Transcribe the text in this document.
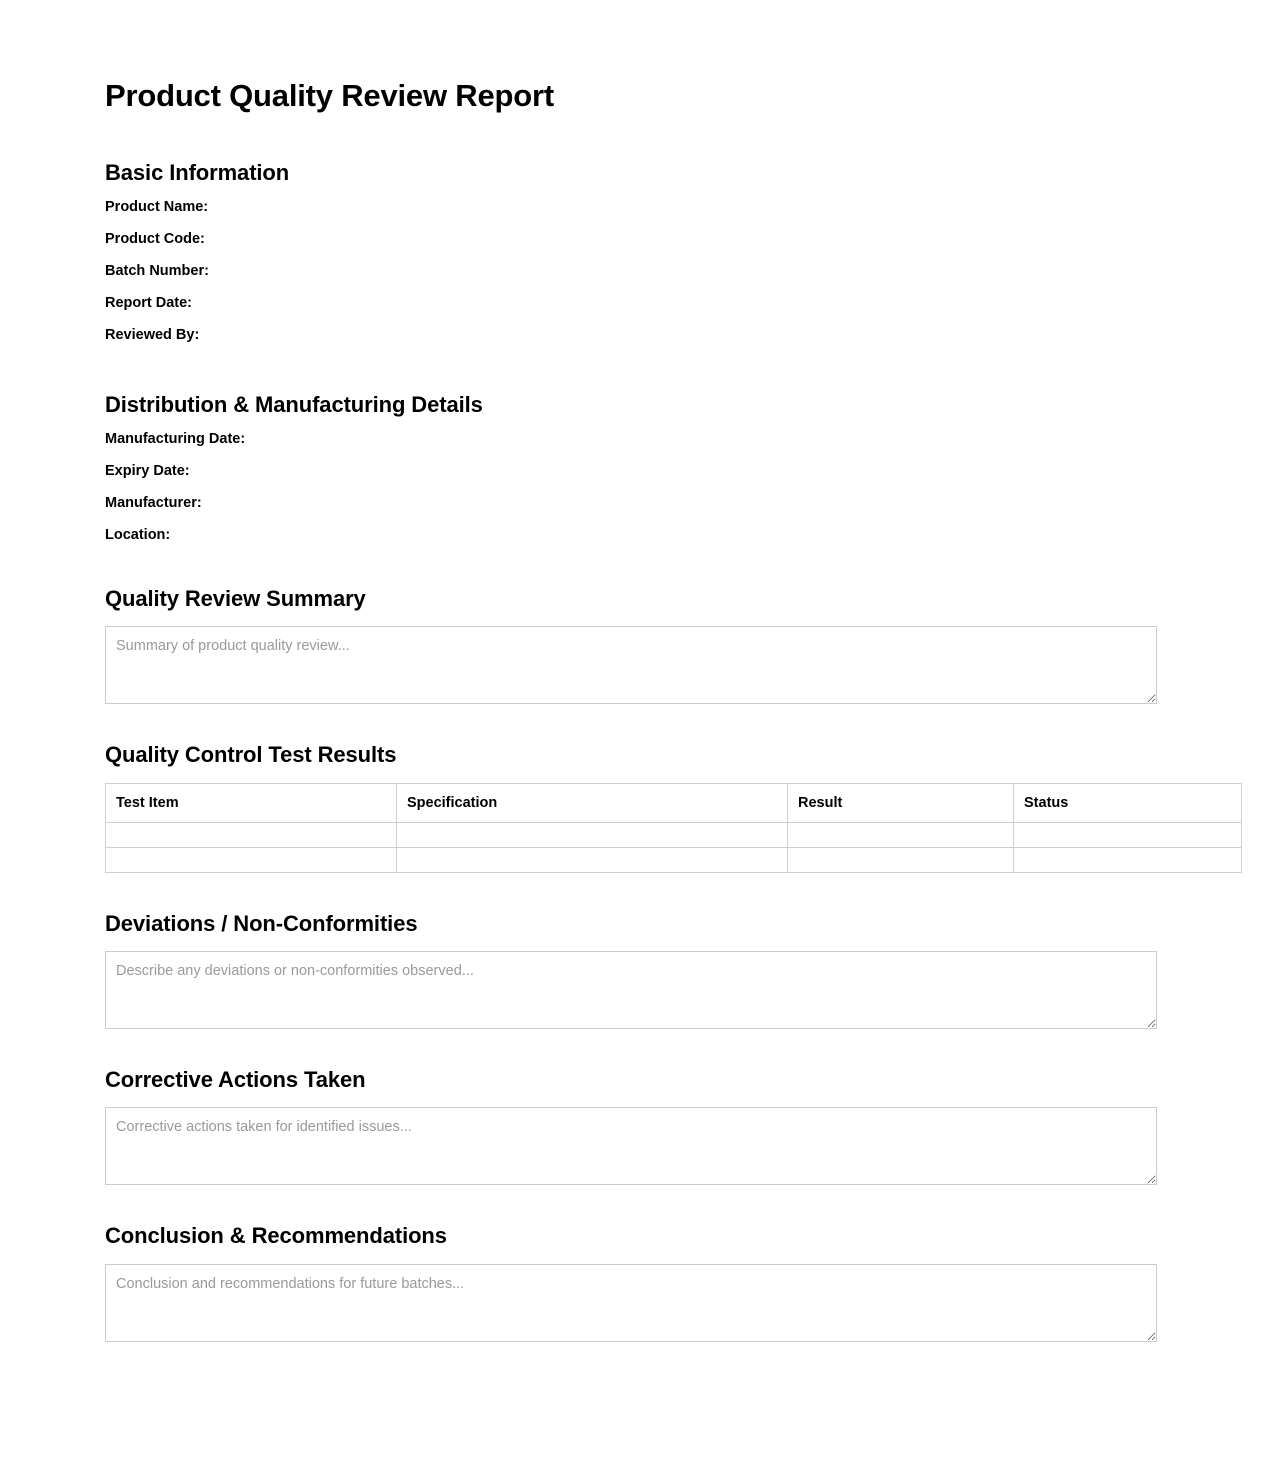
Product Quality Review Report
Basic Information
Product Name:
Product Code:
Batch Number:
Report Date:
Reviewed By:
Distribution & Manufacturing Details
Manufacturing Date:
Expiry Date:
Manufacturer:
Location:
Quality Review Summary
Summary of product quality review...
Quality Control Test Results
Test Item	Specification	Result	Status

Deviations / Non-Conformities
Describe any deviations or non-conformities observed...
Corrective Actions Taken
Corrective actions taken for identified issues...
Conclusion & Recommendations
Conclusion and recommendations for future batches...
